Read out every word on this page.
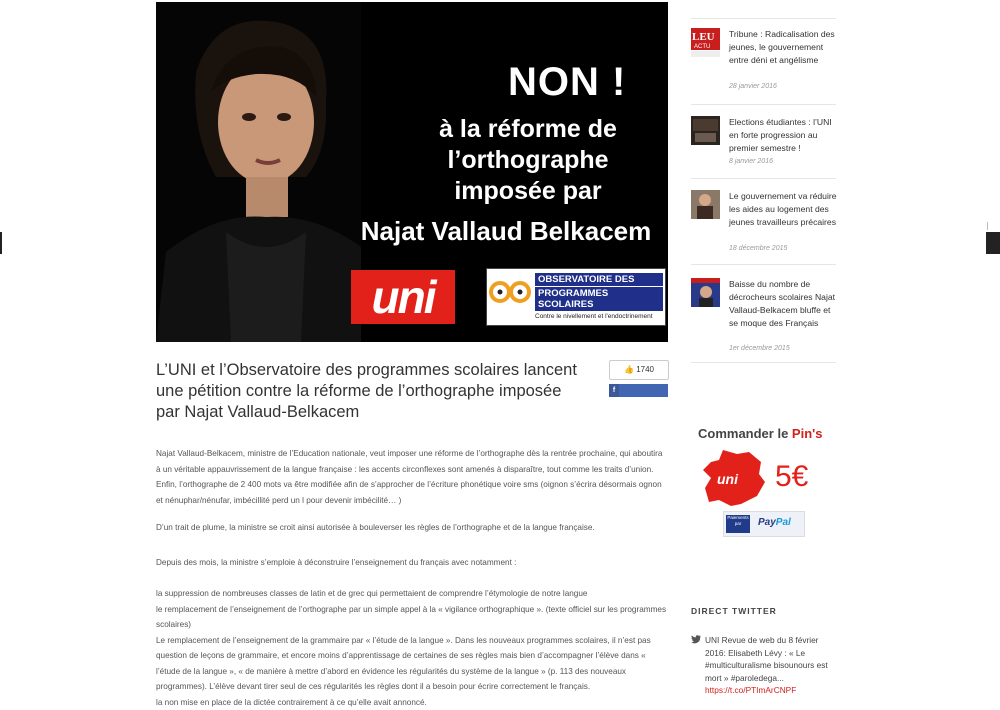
NON !
à la réforme de
l’orthographe
imposée par
Najat Vallaud Belkacem
uni	OBSERVATOIRE DES
PROGRAMMES SCOLAIRES
Contre le nivellement et l'endoctrinement
L’UNI et l’Observatoire des programmes scolaires lancent une pétition contre la réforme de l’orthographe imposée par Najat Vallaud-Belkacem
👍 1740
fRecommander
Najat Vallaud-Belkacem, ministre de l’Education nationale, veut imposer une réforme de l’orthographe dès la rentrée prochaine, qui aboutira à un véritable appauvrissement de la langue française : les accents circonflexes sont amenés à disparaître, tout comme les traits d’union. Enfin, l’orthographe de 2 400 mots va être modifiée afin de s’approcher de l’écriture phonétique voire sms (oignon s’écrira désormais ognon et nénuphar/nénufar, imbécillité perd un l pour devenir imbécilité… )
D’un trait de plume, la ministre se croit ainsi autorisée à bouleverser les règles de l’orthographe et de la langue française.
Depuis des mois, la ministre s’emploie à déconstruire l’enseignement du français avec notamment :
la suppression de nombreuses classes de latin et de grec qui permettaient de comprendre l’étymologie de notre langue
le remplacement de l’enseignement de l’orthographe par un simple appel à la « vigilance orthographique ». (texte officiel sur les programmes scolaires)
Le remplacement de l’enseignement de la grammaire par « l’étude de la langue ». Dans les nouveaux programmes scolaires, il n’est pas question de leçons de grammaire, et encore moins d’apprentissage de certaines de ses règles mais bien d’accompagner l’élève dans « l’étude de la langue », « de manière à mettre d’abord en évidence les régularités du système de la langue » (p. 113 des nouveaux programmes). L’élève devant tirer seul de ces régularités les règles dont il a besoin pour écrire correctement le français.
la non mise en place de la dictée contrairement à ce qu’elle avait annoncé.
LEU
ACTU
Tribune : Radicalisation des jeunes, le gouvernement entre déni et angélisme
28 janvier 2016
Elections étudiantes : l’UNI en forte progression au premier semestre !
8 janvier 2016
Le gouvernement va réduire les aides au logement des jeunes travailleurs précaires
18 décembre 2015
Baisse du nombre de décrocheurs scolaires Najat Vallaud-Belkacem bluffe et se moque des Français
1er décembre 2015
Commander le Pin's
uni 5€
Paiements par	PayPal
DIRECT TWITTER
UNI Revue de web du 8 février 2016: Elisabeth Lévy : « Le #multiculturalisme bisounours est mort » #paroledega...
https://t.co/PTImArCNPF
